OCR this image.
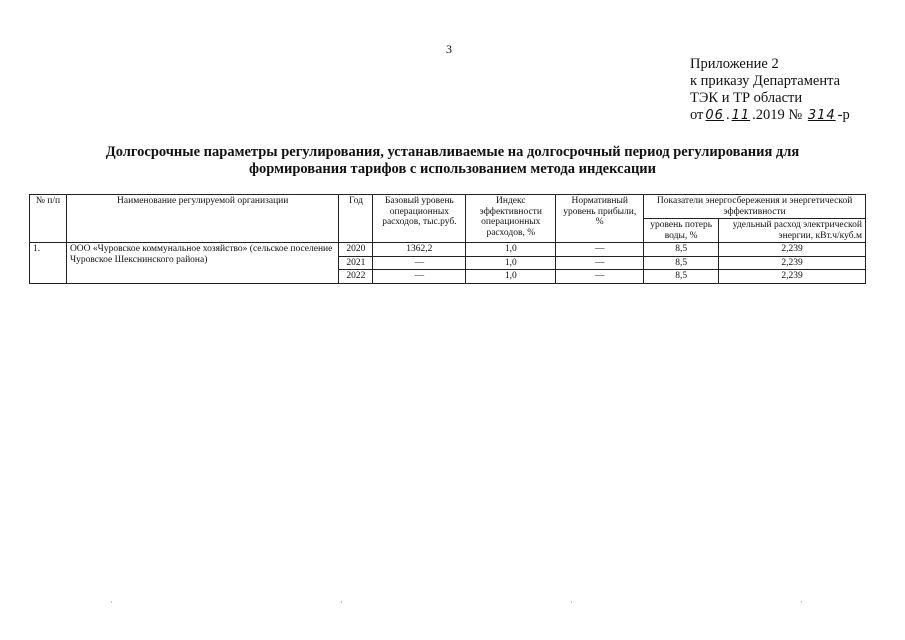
3
Приложение 2
к приказу Департамента
ТЭК и ТР области
от 06 . 11 .2019 № 314 -р
Долгосрочные параметры регулирования, устанавливаемые на долгосрочный период регулирования для
формирования тарифов с использованием метода индексации
№ п/п	Наименование регулируемой организации	Год	Базовый уровень операционных расходов, тыс.руб.	Индекс эффективности операционных расходов, %	Нормативный уровень прибыли, %	Показатели энергосбережения и энергетической эффективности	
						уровень потерь воды, %	удельный расход электрической энергии, кВт.ч/куб.м
1.	ООО «Чуровское коммунальное хозяйство» (сельское поселение Чуровское Шекснинского района)	2020	1362,2	1,0	—	8,5	2,239
		2021	—	1,0	—	8,5	2,239
		2022	—	1,0	—	8,5	2,239
·	·	·	·
